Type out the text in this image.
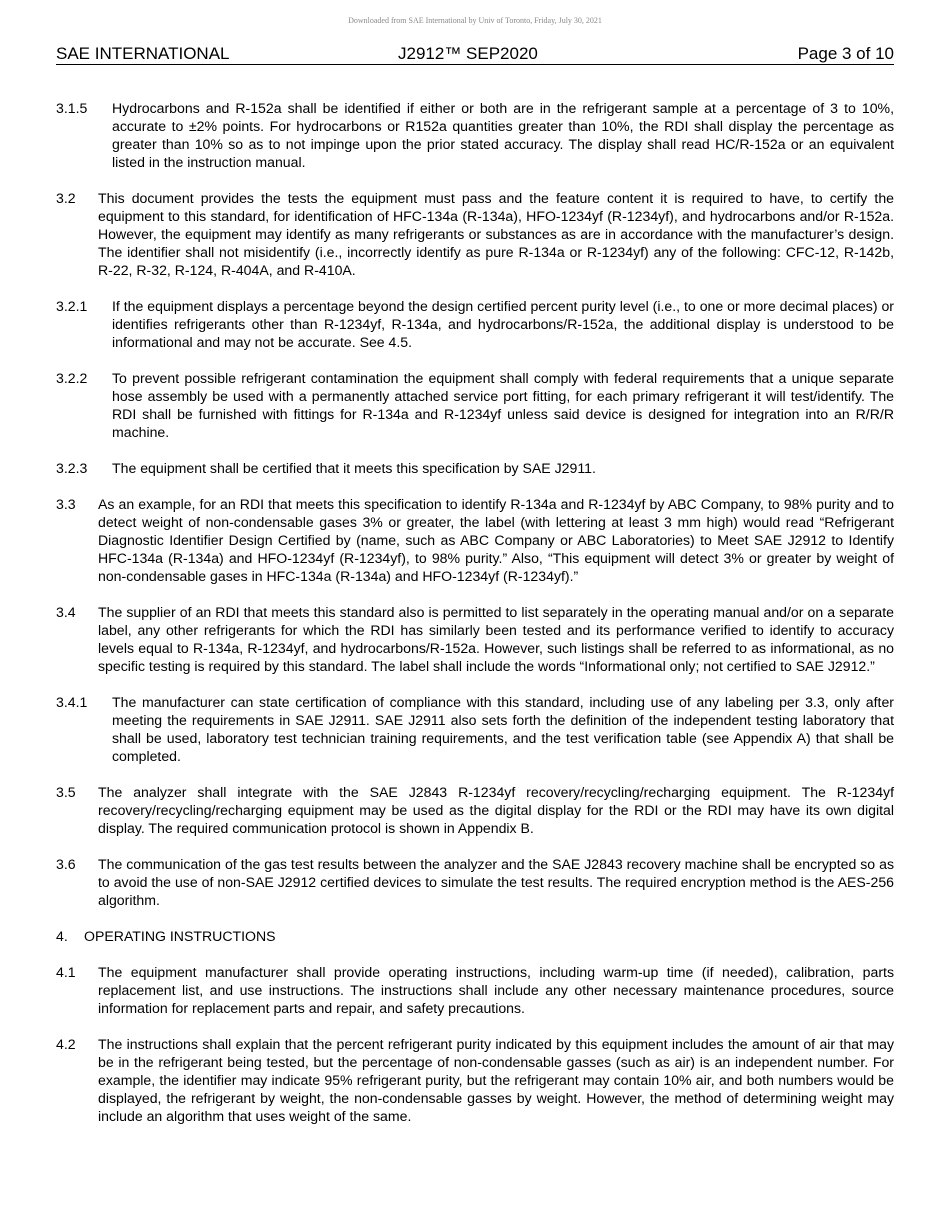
Downloaded from SAE International by Univ of Toronto, Friday, July 30, 2021
SAE INTERNATIONAL	J2912™ SEP2020	Page 3 of 10
3.1.5 Hydrocarbons and R-152a shall be identified if either or both are in the refrigerant sample at a percentage of 3 to 10%, accurate to ±2% points. For hydrocarbons or R152a quantities greater than 10%, the RDI shall display the percentage as greater than 10% so as to not impinge upon the prior stated accuracy. The display shall read HC/R-152a or an equivalent listed in the instruction manual.
3.2 This document provides the tests the equipment must pass and the feature content it is required to have, to certify the equipment to this standard, for identification of HFC-134a (R-134a), HFO-1234yf (R-1234yf), and hydrocarbons and/or R-152a. However, the equipment may identify as many refrigerants or substances as are in accordance with the manufacturer’s design. The identifier shall not misidentify (i.e., incorrectly identify as pure R-134a or R-1234yf) any of the following: CFC-12, R-142b, R-22, R-32, R-124, R-404A, and R-410A.
3.2.1 If the equipment displays a percentage beyond the design certified percent purity level (i.e., to one or more decimal places) or identifies refrigerants other than R-1234yf, R-134a, and hydrocarbons/R-152a, the additional display is understood to be informational and may not be accurate. See 4.5.
3.2.2 To prevent possible refrigerant contamination the equipment shall comply with federal requirements that a unique separate hose assembly be used with a permanently attached service port fitting, for each primary refrigerant it will test/identify. The RDI shall be furnished with fittings for R-134a and R-1234yf unless said device is designed for integration into an R/R/R machine.
3.2.3 The equipment shall be certified that it meets this specification by SAE J2911.
3.3 As an example, for an RDI that meets this specification to identify R-134a and R-1234yf by ABC Company, to 98% purity and to detect weight of non-condensable gases 3% or greater, the label (with lettering at least 3 mm high) would read “Refrigerant Diagnostic Identifier Design Certified by (name, such as ABC Company or ABC Laboratories) to Meet SAE J2912 to Identify HFC-134a (R-134a) and HFO-1234yf (R-1234yf), to 98% purity.” Also, “This equipment will detect 3% or greater by weight of non-condensable gases in HFC-134a (R-134a) and HFO-1234yf (R-1234yf).”
3.4 The supplier of an RDI that meets this standard also is permitted to list separately in the operating manual and/or on a separate label, any other refrigerants for which the RDI has similarly been tested and its performance verified to identify to accuracy levels equal to R-134a, R-1234yf, and hydrocarbons/R-152a. However, such listings shall be referred to as informational, as no specific testing is required by this standard. The label shall include the words “Informational only; not certified to SAE J2912.”
3.4.1 The manufacturer can state certification of compliance with this standard, including use of any labeling per 3.3, only after meeting the requirements in SAE J2911. SAE J2911 also sets forth the definition of the independent testing laboratory that shall be used, laboratory test technician training requirements, and the test verification table (see Appendix A) that shall be completed.
3.5 The analyzer shall integrate with the SAE J2843 R-1234yf recovery/recycling/recharging equipment. The R-1234yf recovery/recycling/recharging equipment may be used as the digital display for the RDI or the RDI may have its own digital display. The required communication protocol is shown in Appendix B.
3.6 The communication of the gas test results between the analyzer and the SAE J2843 recovery machine shall be encrypted so as to avoid the use of non-SAE J2912 certified devices to simulate the test results. The required encryption method is the AES-256 algorithm.
4. OPERATING INSTRUCTIONS
4.1 The equipment manufacturer shall provide operating instructions, including warm-up time (if needed), calibration, parts replacement list, and use instructions. The instructions shall include any other necessary maintenance procedures, source information for replacement parts and repair, and safety precautions.
4.2 The instructions shall explain that the percent refrigerant purity indicated by this equipment includes the amount of air that may be in the refrigerant being tested, but the percentage of non-condensable gasses (such as air) is an independent number. For example, the identifier may indicate 95% refrigerant purity, but the refrigerant may contain 10% air, and both numbers would be displayed, the refrigerant by weight, the non-condensable gasses by weight. However, the method of determining weight may include an algorithm that uses weight of the same.
